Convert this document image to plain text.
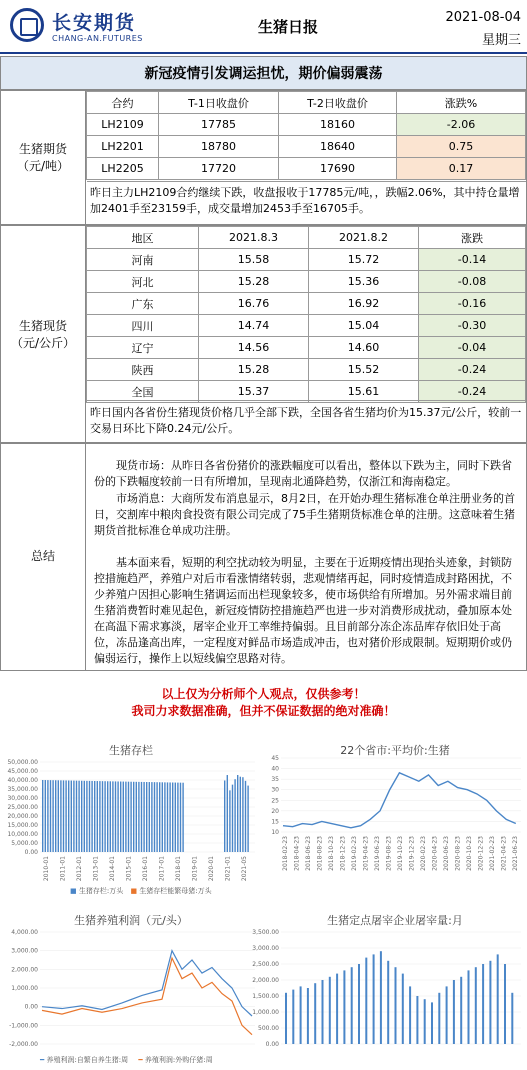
长安期货
CHANG-AN.FUTURES
生猪日报
2021-08-04
星期三
新冠疫情引发调运担忧，期价偏弱震荡
生猪期货
（元/吨）
合约	T-1日收盘价	T-2日收盘价	涨跌%
LH2109	17785	18160	-2.06
LH2201	18780	18640	0.75
LH2205	17720	17690	0.17
昨日主力LH2109合约继续下跌，收盘报收于17785元/吨，，跌幅2.06%，其中持仓量增加2401手至23159手，成交量增加2453手至16705手。
生猪现货
（元/公斤）
地区	2021.8.3	2021.8.2	涨跌
河南	15.58	15.72	-0.14
河北	15.28	15.36	-0.08
广东	16.76	16.92	-0.16
四川	14.74	15.04	-0.30
辽宁	14.56	14.60	-0.04
陕西	15.28	15.52	-0.24
全国	15.37	15.61	-0.24
昨日国内各省份生猪现货价格几乎全部下跌，全国各省生猪均价为15.37元/公斤，较前一交易日环比下降0.24元/公斤。
总结

现货市场：从昨日各省份猪价的涨跌幅度可以看出，整体以下跌为主，同时下跌省份的下跌幅度较前一日有所增加，呈现南北通降趋势，仅浙江和海南稳定。

市场消息：大商所发布消息显示，8月2日，在开始办理生猪标准仓单注册业务的首日，交割库中粮肉食投资有限公司完成了75手生猪期货标准仓单的注册。这意味着生猪期货首批标准仓单成功注册。

基本面来看，短期的利空扰动较为明显，主要在于近期疫情出现抬头迹象，封锁防控措施趋严，养殖户对后市看涨情绪转弱，悲观情绪再起，同时疫情造成封路困扰，不少养殖户因担心影响生猪调运而出栏现象较多，使市场供给有所增加。另外需求端目前生猪消费暂时难见起色，新冠疫情防控措施趋严也进一步对消费形成扰动，叠加原本处在高温下需求寡淡，屠宰企业开工率维持偏弱。且目前部分冻企冻品库存依旧处于高位，冻品逢高出库，一定程度对鲜品市场造成冲击，也对猪价形成限制。短期期价或仍偏弱运行，操作上以短线偏空思路对待。

以上仅为分析师个人观点，仅供参考！
我司力求数据准确，但并不保证数据的绝对准确！
生猪存栏
50,000.00
45,000.00
40,000.00
35,000.00
30,000.00
25,000.00
20,000.00
15,000.00
10,000.00
5,000.00
0.00
2010-01 2011-01 2012-01 2013-01 2014-01 2015-01 2016-01 2017-01 2018-01 2019-01 2020-01 2021-01 2021-05
■ 生猪存栏:万头 ■ 生猪存栏能繁母猪:万头
22个省市:平均价:生猪
45
40
35
30
25
20
15
10
2018-02-23 2018-04-23 2018-06-23 2018-08-23 2018-10-23 2018-12-23 2019-02-23 2019-04-23 2019-06-23 2019-08-23 2019-10-23 2019-12-23 2020-02-23 2020-04-23 2020-06-23 2020-08-23 2020-10-23 2020-12-23 2021-02-23 2021-04-23 2021-06-23
生猪养殖利润（元/头）
4,000.00
3,000.00
2,000.00
1,000.00
0.00
-1,000.00
-2,000.00
━ 养殖利润:自繁自养生猪:周 ━ 养殖利润:外购仔猪:周
生猪定点屠宰企业屠宰量:月
3,500.00
3,000.00
2,500.00
2,000.00
1,500.00
1,000.00
500.00
0.00
